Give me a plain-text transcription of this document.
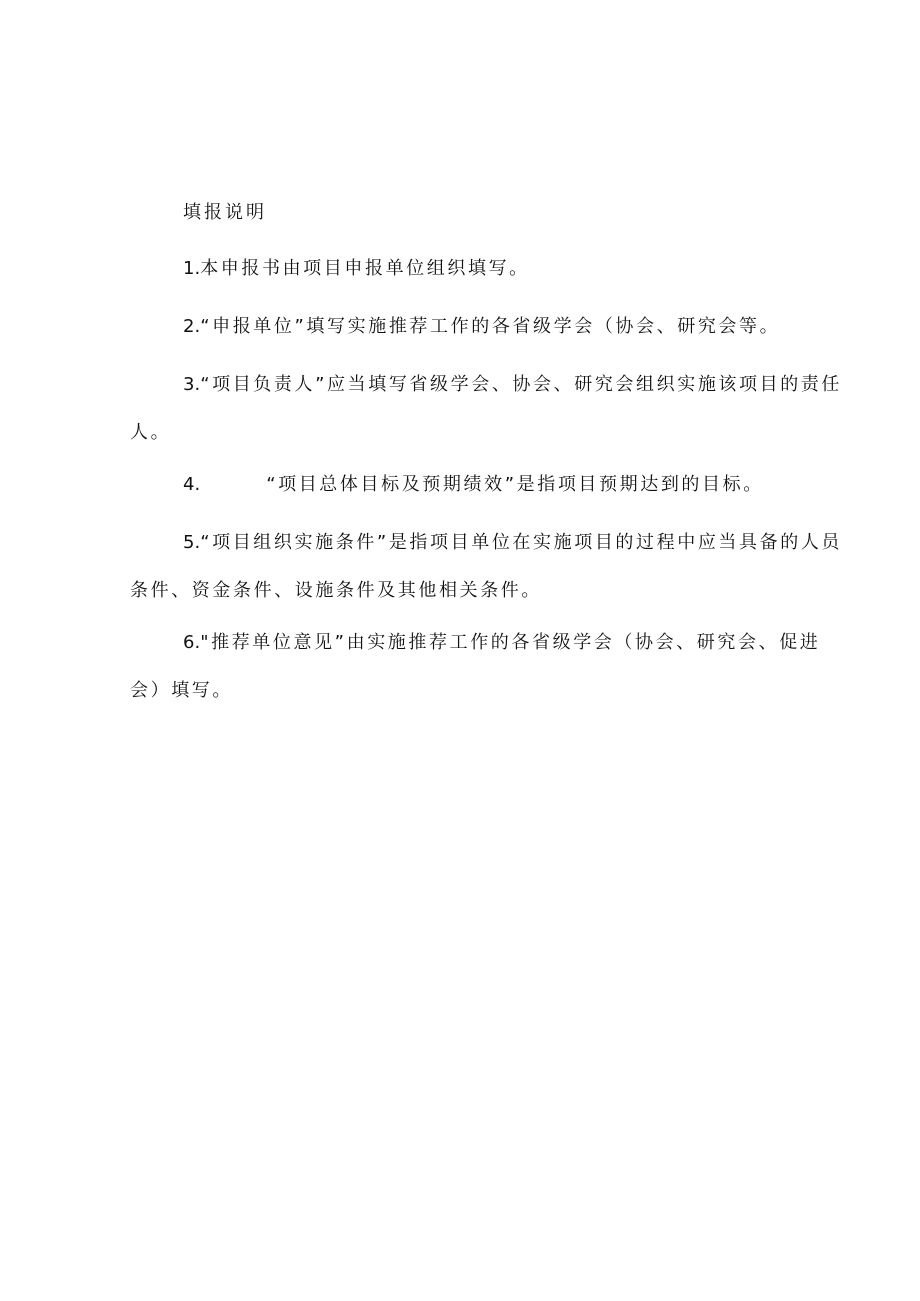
填报说明
1.本申报书由项目申报单位组织填写。
2.“申报单位”填写实施推荐工作的各省级学会（协会、研究会等。
3.“项目负责人”应当填写省级学会、协会、研究会组织实施该项目的责任人。
4.	“项目总体目标及预期绩效”是指项目预期达到的目标。
5.“项目组织实施条件”是指项目单位在实施项目的过程中应当具备的人员条件、资金条件、设施条件及其他相关条件。
6."推荐单位意见”由实施推荐工作的各省级学会（协会、研究会、促进会）填写。
